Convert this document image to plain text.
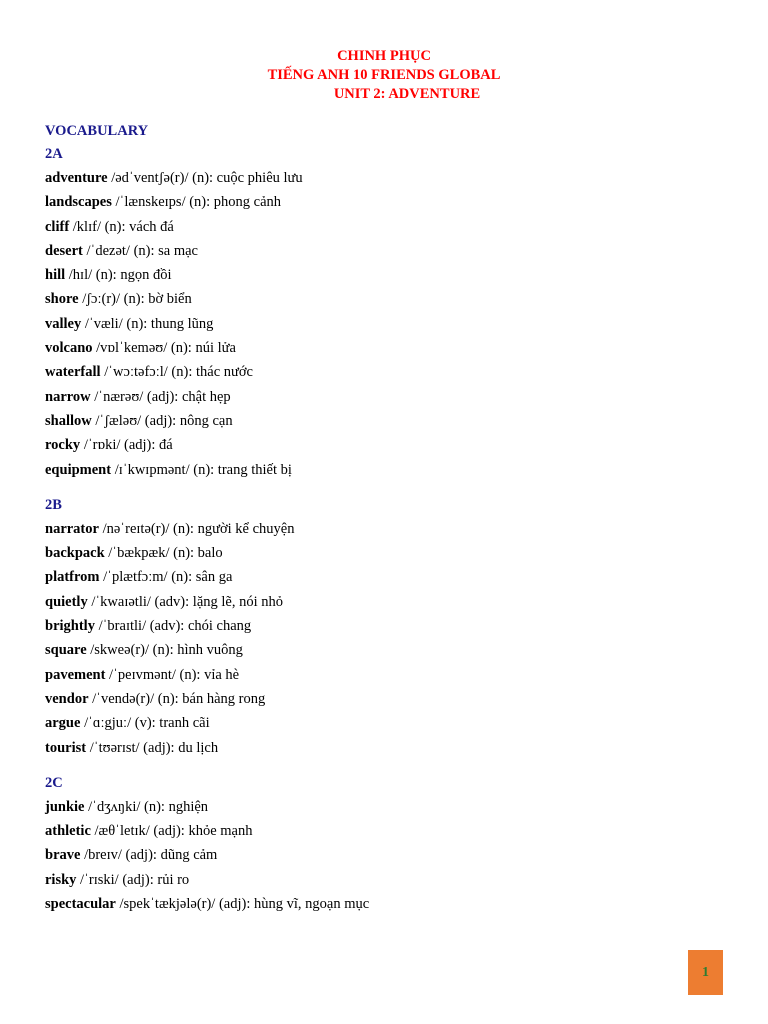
CHINH PHỤC
TIẾNG ANH 10 FRIENDS GLOBAL
UNIT 2: ADVENTURE
VOCABULARY
2A
adventure /ədˈventʃə(r)/ (n): cuộc phiêu lưu
landscapes /ˈlænskeɪps/ (n): phong cảnh
cliff /klɪf/ (n): vách đá
desert /ˈdezət/ (n): sa mạc
hill /hɪl/ (n): ngọn đồi
shore /ʃɔː(r)/ (n): bờ biển
valley /ˈvæli/ (n): thung lũng
volcano /vɒlˈkeməʊ/ (n): núi lửa
waterfall /ˈwɔːtəfɔːl/ (n): thác nước
narrow /ˈnærəʊ/ (adj): chật hẹp
shallow /ˈʃæləʊ/ (adj): nông cạn
rocky /ˈrɒki/ (adj): đá
equipment /ɪˈkwɪpmənt/ (n): trang thiết bị
2B
narrator /nəˈreɪtə(r)/ (n): người kể chuyện
backpack /ˈbækpæk/ (n): balo
platfrom /ˈplætfɔːm/ (n): sân ga
quietly /ˈkwaɪətli/ (adv): lặng lẽ, nói nhỏ
brightly /ˈbraɪtli/ (adv): chói chang
square /skweə(r)/ (n): hình vuông
pavement /ˈpeɪvmənt/ (n): vỉa hè
vendor /ˈvendə(r)/ (n): bán hàng rong
argue /ˈɑːgjuː/ (v): tranh cãi
tourist /ˈtʊərɪst/ (adj): du lịch
2C
junkie /ˈdʒʌŋki/ (n): nghiện
athletic /æθˈletɪk/ (adj): khỏe mạnh
brave /breɪv/ (adj): dũng cảm
risky /ˈrɪski/ (adj): rủi ro
spectacular /spekˈtækjələ(r)/ (adj): hùng vĩ, ngoạn mục
1
